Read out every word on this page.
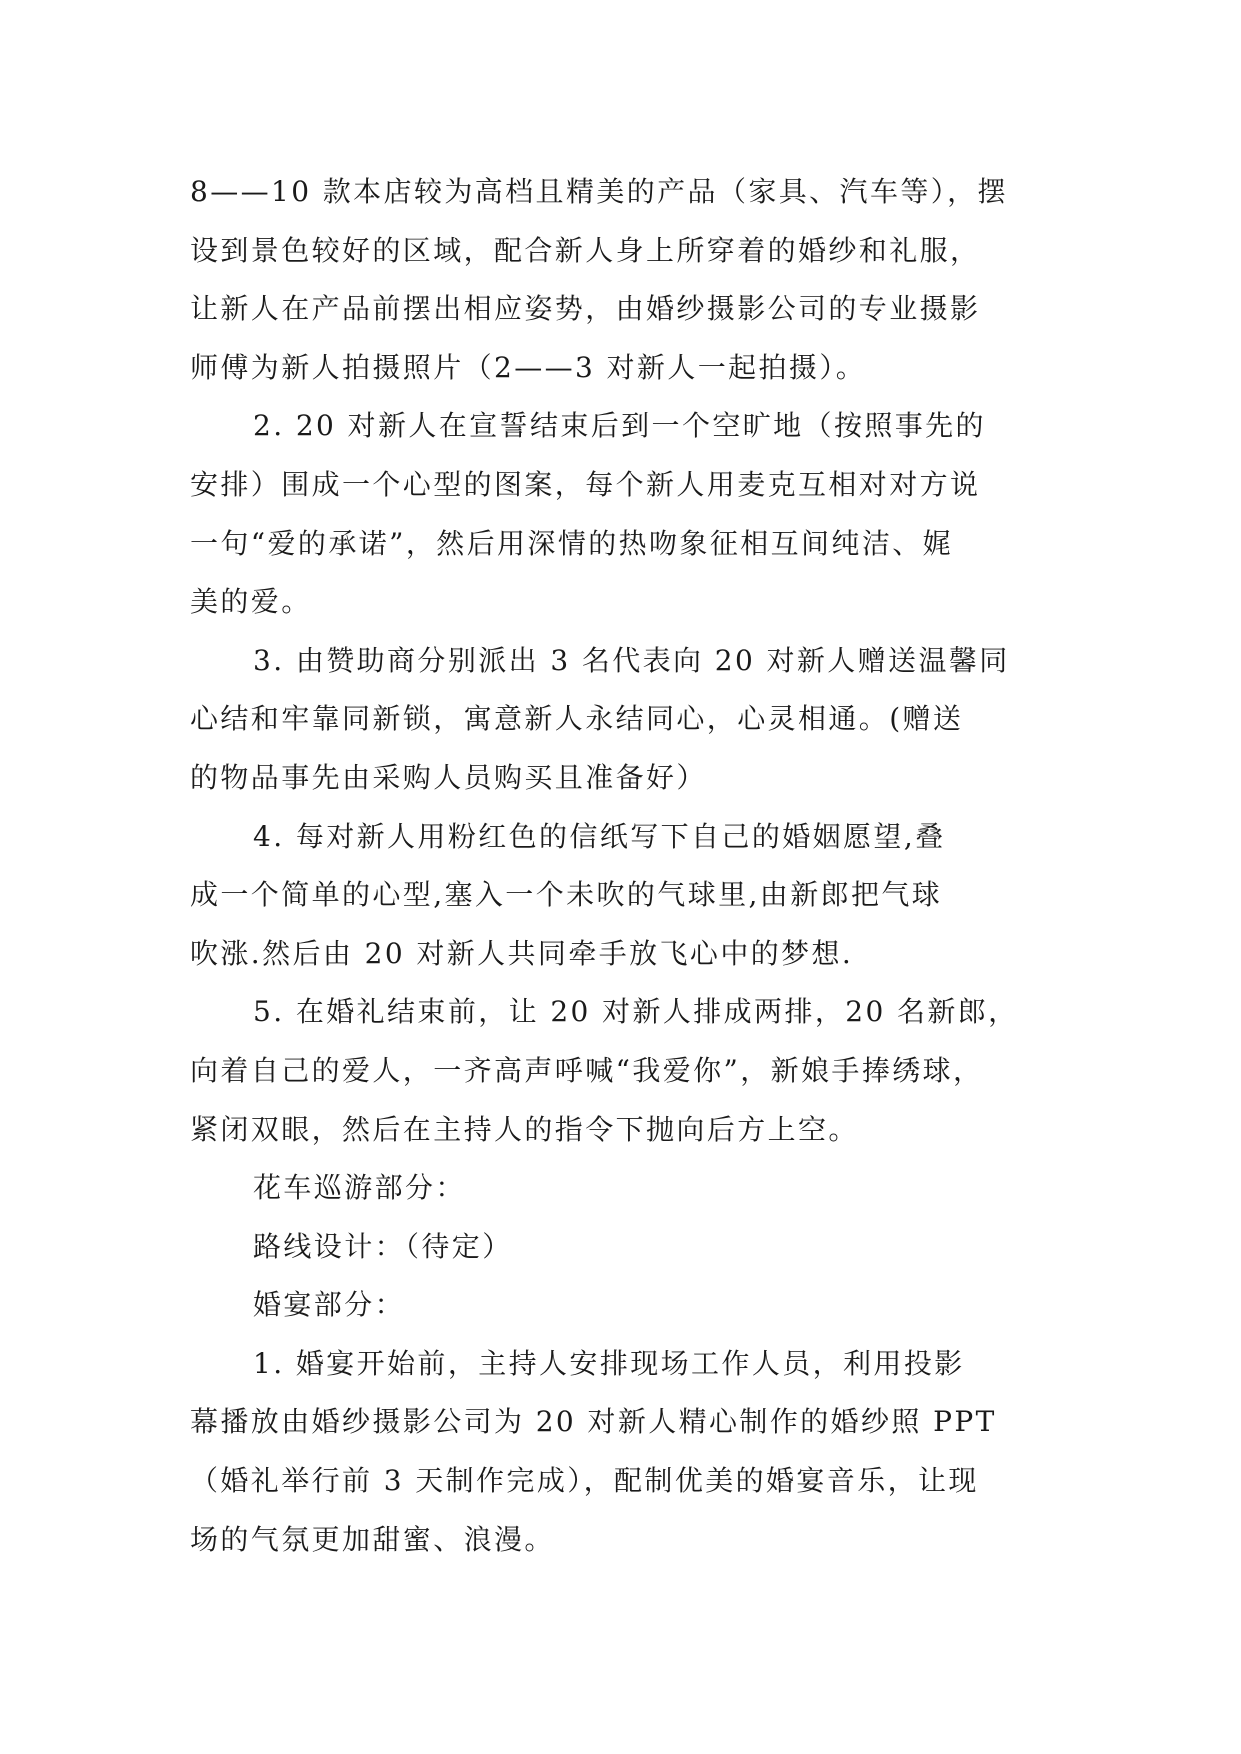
8——10 款本店较为高档且精美的产品（家具、汽车等），摆
设到景色较好的区域，配合新人身上所穿着的婚纱和礼服，
让新人在产品前摆出相应姿势，由婚纱摄影公司的专业摄影
师傅为新人拍摄照片（2——3 对新人一起拍摄）。
2. 20 对新人在宣誓结束后到一个空旷地（按照事先的
安排）围成一个心型的图案，每个新人用麦克互相对对方说
一句“爱的承诺”，然后用深情的热吻象征相互间纯洁、娓
美的爱。
3. 由赞助商分别派出 3 名代表向 20 对新人赠送温馨同
心结和牢靠同新锁，寓意新人永结同心，心灵相通。(赠送
的物品事先由采购人员购买且准备好）
4. 每对新人用粉红色的信纸写下自己的婚姻愿望,叠
成一个简单的心型,塞入一个未吹的气球里,由新郎把气球
吹涨.然后由 20 对新人共同牵手放飞心中的梦想.
5. 在婚礼结束前，让 20 对新人排成两排，20 名新郎，
向着自己的爱人，一齐高声呼喊“我爱你”，新娘手捧绣球，
紧闭双眼，然后在主持人的指令下抛向后方上空。
花车巡游部分：
路线设计：（待定）
婚宴部分：
1. 婚宴开始前，主持人安排现场工作人员，利用投影
幕播放由婚纱摄影公司为 20 对新人精心制作的婚纱照 PPT
（婚礼举行前 3 天制作完成），配制优美的婚宴音乐，让现
场的气氛更加甜蜜、浪漫。
